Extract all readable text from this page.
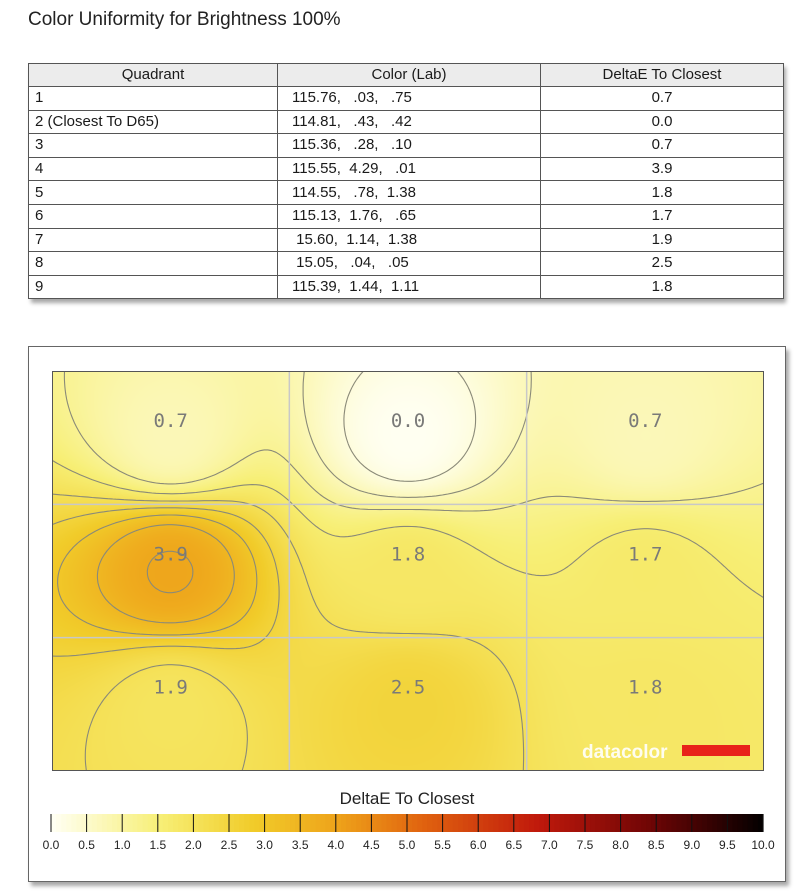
Color Uniformity for Brightness 100%
Quadrant	Color (Lab)	DeltaE To Closest
1	115.76,   .03,   .75	0.7
2 (Closest To D65)	114.81,   .43,   .42	0.0
3	115.36,   .28,   .10	0.7
4	115.55,  4.29,   .01	3.9
5	114.55,   .78,  1.38	1.8
6	115.13,  1.76,   .65	1.7
7	15.60,  1.14,  1.38	1.9
8	15.05,   .04,   .05	2.5
9	115.39,  1.44,  1.11	1.8
0.7	0.0	0.7
3.9	1.8	1.7
1.9	2.5	1.8
datacolor
DeltaE To Closest
0.0 0.5 1.0 1.5 2.0 2.5 3.0 3.5 4.0 4.5 5.0 5.5 6.0 6.5 7.0 7.5 8.0 8.5 9.0 9.5 10.0
